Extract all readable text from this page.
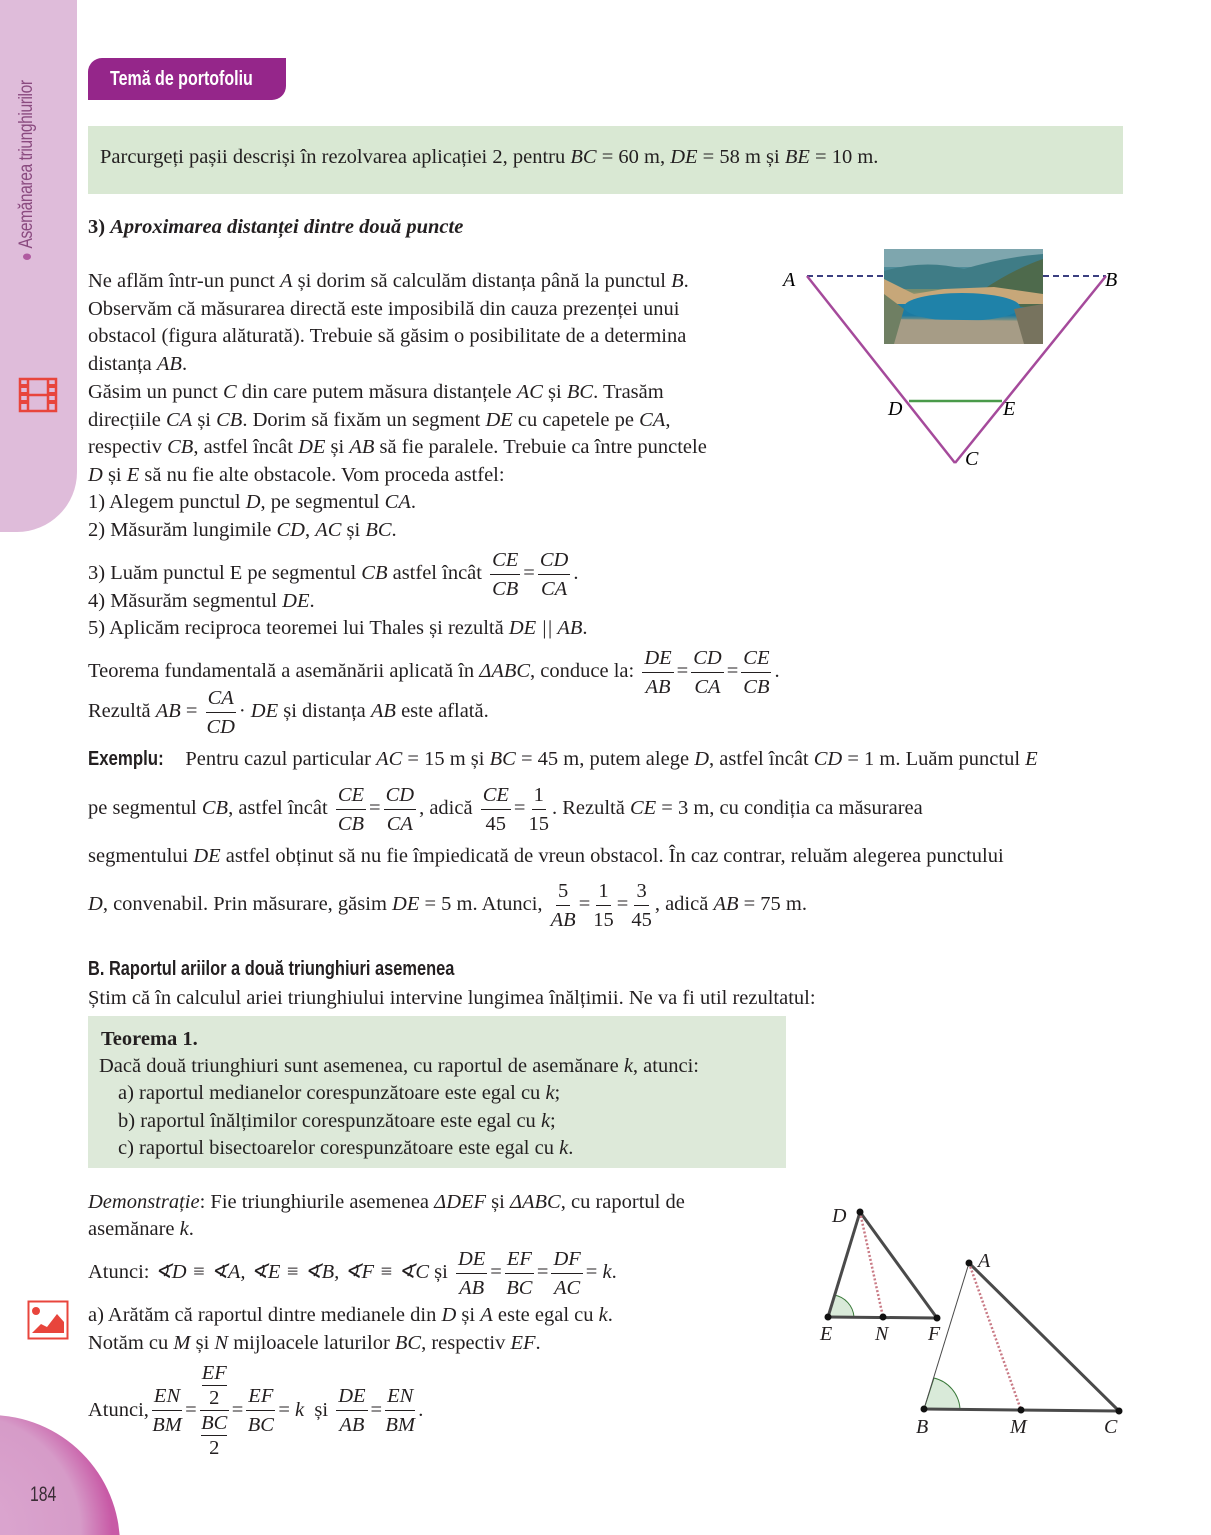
Asemănarea triunghiurilor
184
Temă de portofoliu
Parcurgeți pașii descriși în rezolvarea aplicației 2, pentru BC = 60 m, DE = 58 m și BE = 10 m.
3) Aproximarea distanței dintre două puncte
Ne aflăm într-un punct A și dorim să calculăm distanța până la punctul B.
Observăm că măsurarea directă este imposibilă din cauza prezenței unui
obstacol (figura alăturată). Trebuie să găsim o posibilitate de a determina
distanța AB.
Găsim un punct C din care putem măsura distanțele AC și BC. Trasăm
direcțiile CA și CB. Dorim să fixăm un segment DE cu capetele pe CA,
respectiv CB, astfel încât DE și AB să fie paralele. Trebuie ca între punctele
D și E să nu fie alte obstacole. Vom proceda astfel:
1) Alegem punctul D, pe segmentul CA.
2) Măsurăm lungimile CD, AC și BC.
A	B
D	E
C
3) Luăm punctul E pe segmentul CB astfel încât $\frac{CE}{CB} = \frac{CD}{CA}$ .
4) Măsurăm segmentul DE.
5) Aplicăm reciproca teoremei lui Thales și rezultă DE || AB.
Teorema fundamentală a asemănării aplicată în ΔABC, conduce la: $\frac{DE}{AB} = \frac{CD}{CA} = \frac{CE}{CB}$ .
Rezultă AB = $\frac{CA}{CD}$ · DE și distanța AB este aflată.
Exemplu: Pentru cazul particular AC = 15 m și BC = 45 m, putem alege D, astfel încât CD = 1 m. Luăm punctul E
pe segmentul CB, astfel încât $\frac{CE}{CB} = \frac{CD}{CA}$ , adică $\frac{CE}{45} = \frac{1}{15}$ . Rezultă CE = 3 m, cu condiția ca măsurarea
segmentului DE astfel obținut să nu fie împiedicată de vreun obstacol. În caz contrar, reluăm alegerea punctului
D, convenabil. Prin măsurare, găsim DE = 5 m. Atunci, $\frac{5}{AB} = \frac{1}{15} = \frac{3}{45}$ , adică AB = 75 m.
B. Raportul ariilor a două triunghiuri asemenea
Știm că în calculul ariei triunghiului intervine lungimea înălțimii. Ne va fi util rezultatul:
Teorema 1.
Dacă două triunghiuri sunt asemenea, cu raportul de asemănare k, atunci:
a) raportul medianelor corespunzătoare este egal cu k;
b) raportul înălțimilor corespunzătoare este egal cu k;
c) raportul bisectoarelor corespunzătoare este egal cu k.
Demonstrație: Fie triunghiurile asemenea ΔDEF și ΔABC, cu raportul de
asemănare k.
Atunci: ∢D ≡ ∢A, ∢E ≡ ∢B, ∢F ≡ ∢C și $\frac{DE}{AB} = \frac{EF}{BC} = \frac{DF}{AC} = k$.
a) Arătăm că raportul dintre medianele din D și A este egal cu k.
Notăm cu M și N mijloacele laturilor BC, respectiv EF.
Atunci, $\frac{EN}{BM} = \frac{\frac{EF}{2}}{\frac{BC}{2}} = \frac{EF}{BC} = k$  și $\frac{DE}{AB} = \frac{EN}{BM}$ .
D
E N F
A
B	M	C
